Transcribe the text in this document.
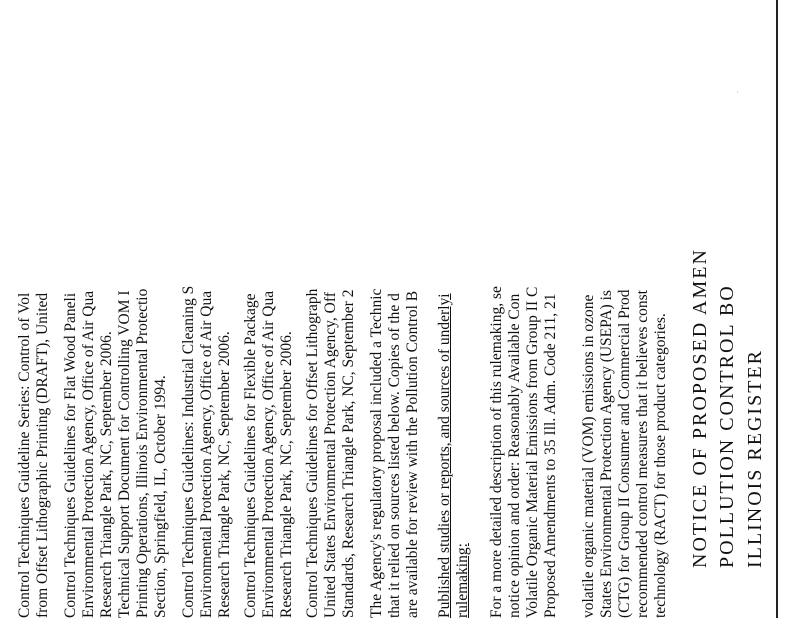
ILLINOIS REGISTER
POLLUTION CONTROL BO
NOTICE OF PROPOSED AMEN
volatile organic material (VOM) emissions in ozone States Environmental Protection Agency (USEPA) is (CTG) for Group II Consumer and Commercial Prod recommended control measures that it believes const technology (RACT) for those product categories.
For a more detailed description of this rulemaking, se notice opinion and order: Reasonably Available Con Volatile Organic Material Emissions from Group II C Proposed Amendments to 35 Ill. Adm. Code 211, 21
Published studies or reports, and sources of underlyi rulemaking:
The Agency's regulatory proposal included a Technic that it relied on sources listed below. Copies of the d are available for review with the Pollution Control B
Control Techniques Guidelines for Offset Lithograph United States Environmental Protection Agency, Off Standards, Research Triangle Park, NC, September 2
Control Techniques Guidelines for Flexible Package Environmental Protection Agency, Office of Air Qua Research Triangle Park, NC, September 2006.
Control Techniques Guidelines: Industrial Cleaning S Environmental Protection Agency, Office of Air Qua Research Triangle Park, NC, September 2006.
Control Techniques Guidelines for Flat Wood Paneli Environmental Protection Agency, Office of Air Qua Research Triangle Park, NC, September 2006. Technical Support Document for Controlling VOM I Printing Operations, Illinois Environmental Protectio Section, Springfield, IL, October 1994.
Control Techniques Guideline Series: Control of Vol from Offset Lithographic Printing (DRAFT), United
·
